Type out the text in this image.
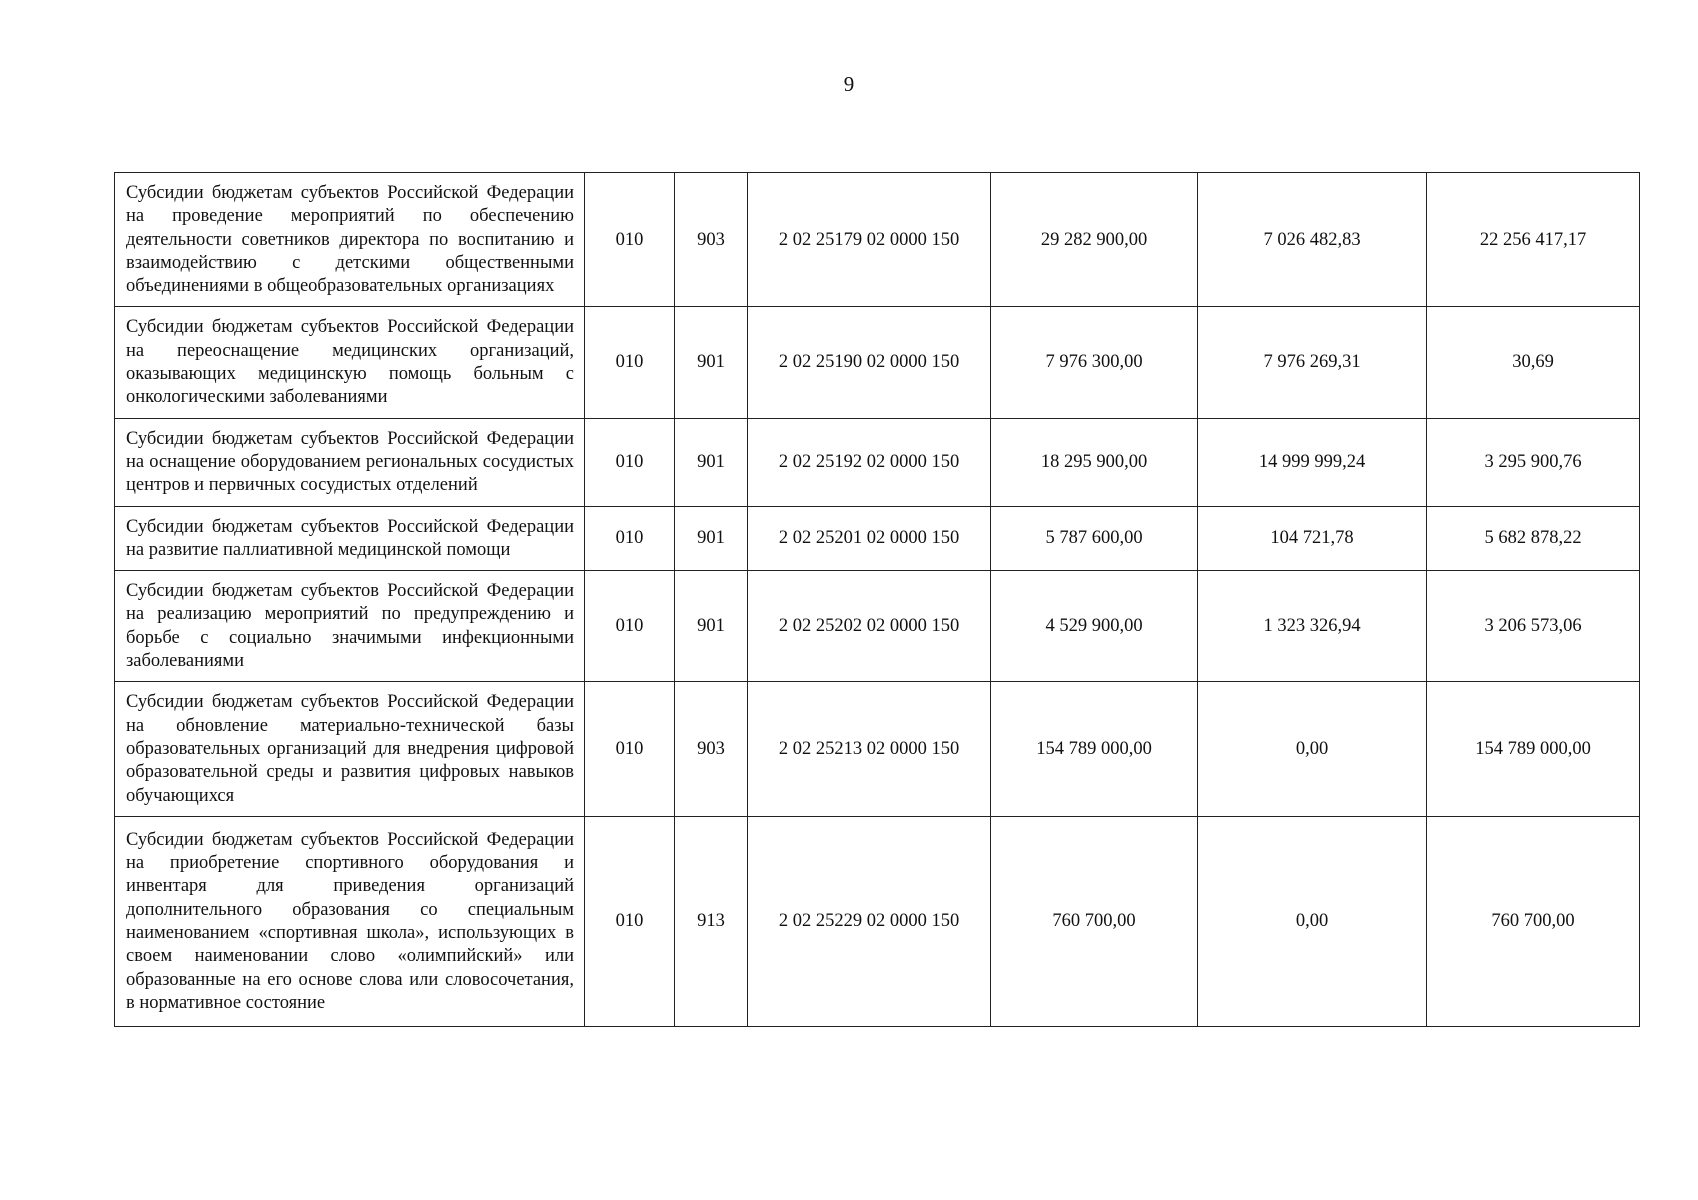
9
Субсидии бюджетам субъектов Российской Федерации на проведение мероприятий по обеспечению деятельности советников директора по воспитанию и взаимодействию с детскими общественными объединениями в общеобразовательных организациях	010	903	2 02 25179 02 0000 150	29 282 900,00	7 026 482,83	22 256 417,17
Субсидии бюджетам субъектов Российской Федерации на переоснащение медицинских организаций, оказывающих медицинскую помощь больным с онкологическими заболеваниями	010	901	2 02 25190 02 0000 150	7 976 300,00	7 976 269,31	30,69
Субсидии бюджетам субъектов Российской Федерации на оснащение оборудованием региональных сосудистых центров и первичных сосудистых отделений	010	901	2 02 25192 02 0000 150	18 295 900,00	14 999 999,24	3 295 900,76
Субсидии бюджетам субъектов Российской Федерации на развитие паллиативной медицинской помощи	010	901	2 02 25201 02 0000 150	5 787 600,00	104 721,78	5 682 878,22
Субсидии бюджетам субъектов Российской Федерации на реализацию мероприятий по предупреждению и борьбе с социально значимыми инфекционными заболеваниями	010	901	2 02 25202 02 0000 150	4 529 900,00	1 323 326,94	3 206 573,06
Субсидии бюджетам субъектов Российской Федерации на обновление материально-технической базы образовательных организаций для внедрения цифровой образовательной среды и развития цифровых навыков обучающихся	010	903	2 02 25213 02 0000 150	154 789 000,00	0,00	154 789 000,00
Субсидии бюджетам субъектов Российской Федерации на приобретение спортивного оборудования и инвентаря для приведения организаций дополнительного образования со специальным наименованием «спортивная школа», использующих в своем наименовании слово «олимпийский» или образованные на его основе слова или словосочетания, в нормативное состояние	010	913	2 02 25229 02 0000 150	760 700,00	0,00	760 700,00
